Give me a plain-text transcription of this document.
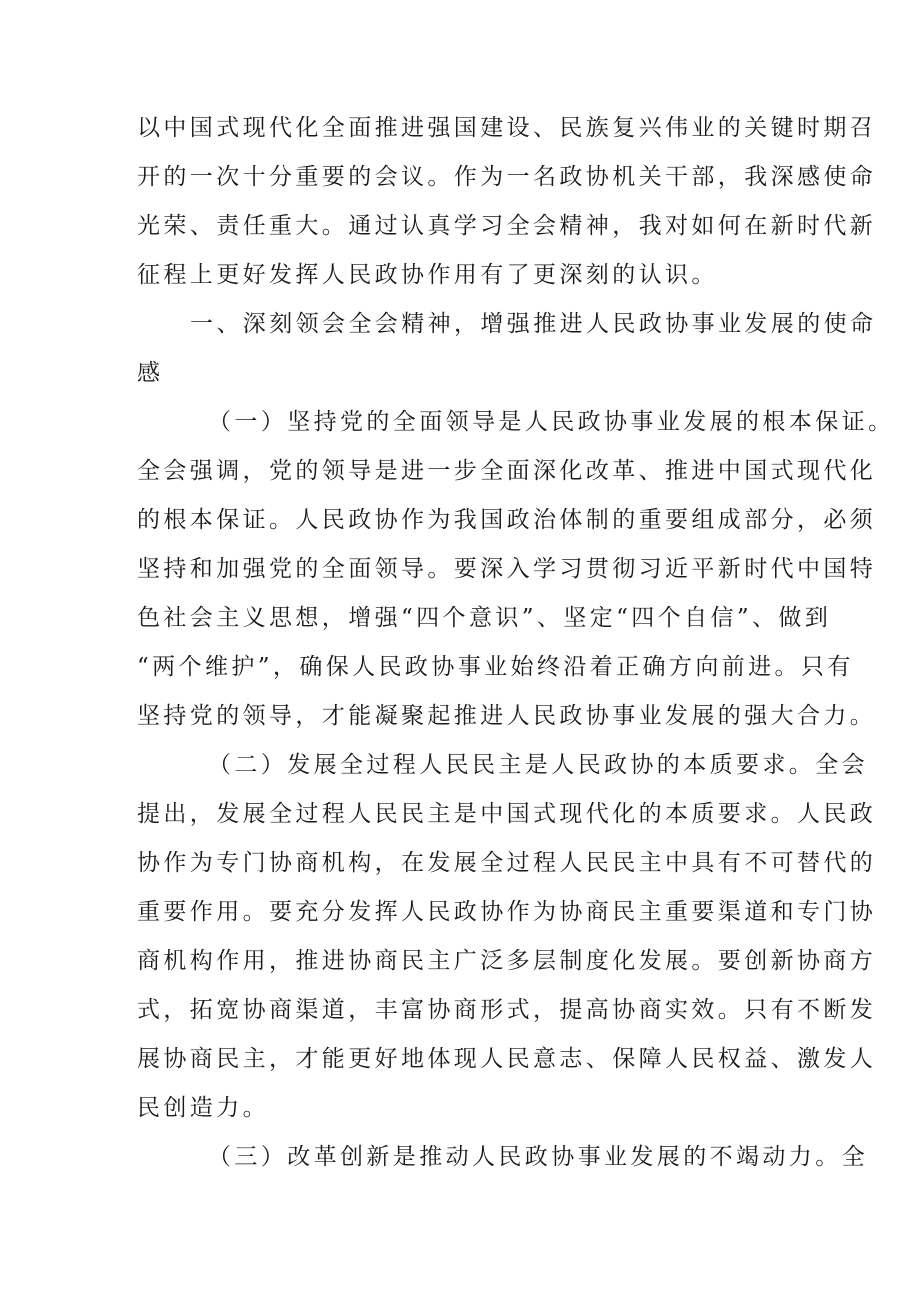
以中国式现代化全面推进强国建设、民族复兴伟业的关键时期召
开的一次十分重要的会议。作为一名政协机关干部，我深感使命
光荣、责任重大。通过认真学习全会精神，我对如何在新时代新
征程上更好发挥人民政协作用有了更深刻的认识。
一、深刻领会全会精神，增强推进人民政协事业发展的使命
感
（一）坚持党的全面领导是人民政协事业发展的根本保证。
全会强调，党的领导是进一步全面深化改革、推进中国式现代化
的根本保证。人民政协作为我国政治体制的重要组成部分，必须
坚持和加强党的全面领导。要深入学习贯彻习近平新时代中国特
色社会主义思想，增强“四个意识”、坚定“四个自信”、做到
“两个维护”，确保人民政协事业始终沿着正确方向前进。只有
坚持党的领导，才能凝聚起推进人民政协事业发展的强大合力。
（二）发展全过程人民民主是人民政协的本质要求。全会
提出，发展全过程人民民主是中国式现代化的本质要求。人民政
协作为专门协商机构，在发展全过程人民民主中具有不可替代的
重要作用。要充分发挥人民政协作为协商民主重要渠道和专门协
商机构作用，推进协商民主广泛多层制度化发展。要创新协商方
式，拓宽协商渠道，丰富协商形式，提高协商实效。只有不断发
展协商民主，才能更好地体现人民意志、保障人民权益、激发人
民创造力。
（三）改革创新是推动人民政协事业发展的不竭动力。全
